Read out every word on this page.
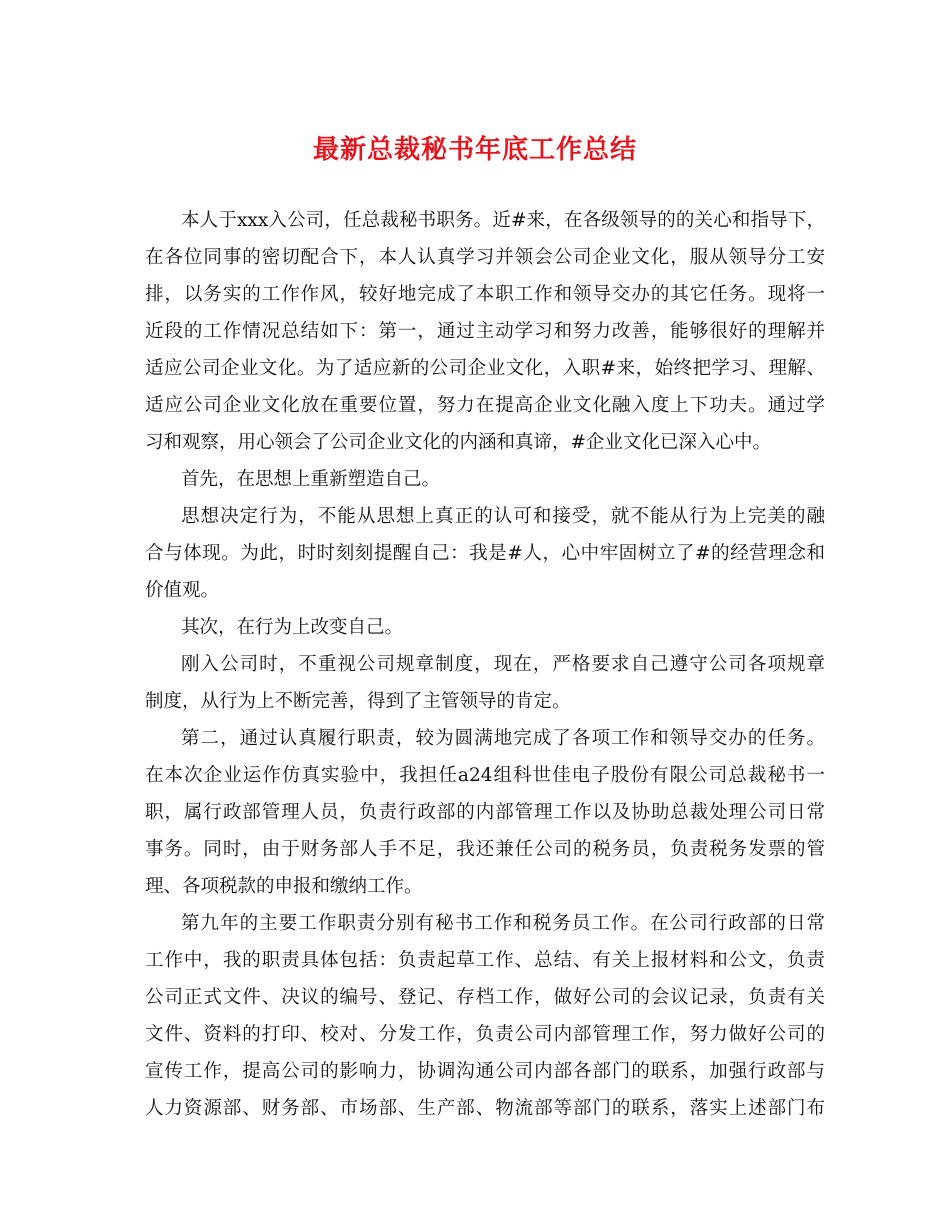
最新总裁秘书年底工作总结
本人于xxx入公司，任总裁秘书职务。近#来，在各级领导的的关心和指导下，
在各位同事的密切配合下，本人认真学习并领会公司企业文化，服从领导分工安
排，以务实的工作作风，较好地完成了本职工作和领导交办的其它任务。现将一
近段的工作情况总结如下：第一，通过主动学习和努力改善，能够很好的理解并
适应公司企业文化。为了适应新的公司企业文化，入职#来，始终把学习、理解、
适应公司企业文化放在重要位置，努力在提高企业文化融入度上下功夫。通过学
习和观察，用心领会了公司企业文化的内涵和真谛，#企业文化已深入心中。
首先，在思想上重新塑造自己。
思想决定行为，不能从思想上真正的认可和接受，就不能从行为上完美的融
合与体现。为此，时时刻刻提醒自己：我是#人，心中牢固树立了#的经营理念和
价值观。
其次，在行为上改变自己。
刚入公司时，不重视公司规章制度，现在，严格要求自己遵守公司各项规章
制度，从行为上不断完善，得到了主管领导的肯定。
第二，通过认真履行职责，较为圆满地完成了各项工作和领导交办的任务。
在本次企业运作仿真实验中，我担任a24组科世佳电子股份有限公司总裁秘书一
职，属行政部管理人员，负责行政部的内部管理工作以及协助总裁处理公司日常
事务。同时，由于财务部人手不足，我还兼任公司的税务员，负责税务发票的管
理、各项税款的申报和缴纳工作。
第九年的主要工作职责分别有秘书工作和税务员工作。在公司行政部的日常
工作中，我的职责具体包括：负责起草工作、总结、有关上报材料和公文，负责
公司正式文件、决议的编号、登记、存档工作，做好公司的会议记录，负责有关
文件、资料的打印、校对、分发工作，负责公司内部管理工作，努力做好公司的
宣传工作，提高公司的影响力，协调沟通公司内部各部门的联系，加强行政部与
人力资源部、财务部、市场部、生产部、物流部等部门的联系，落实上述部门布
